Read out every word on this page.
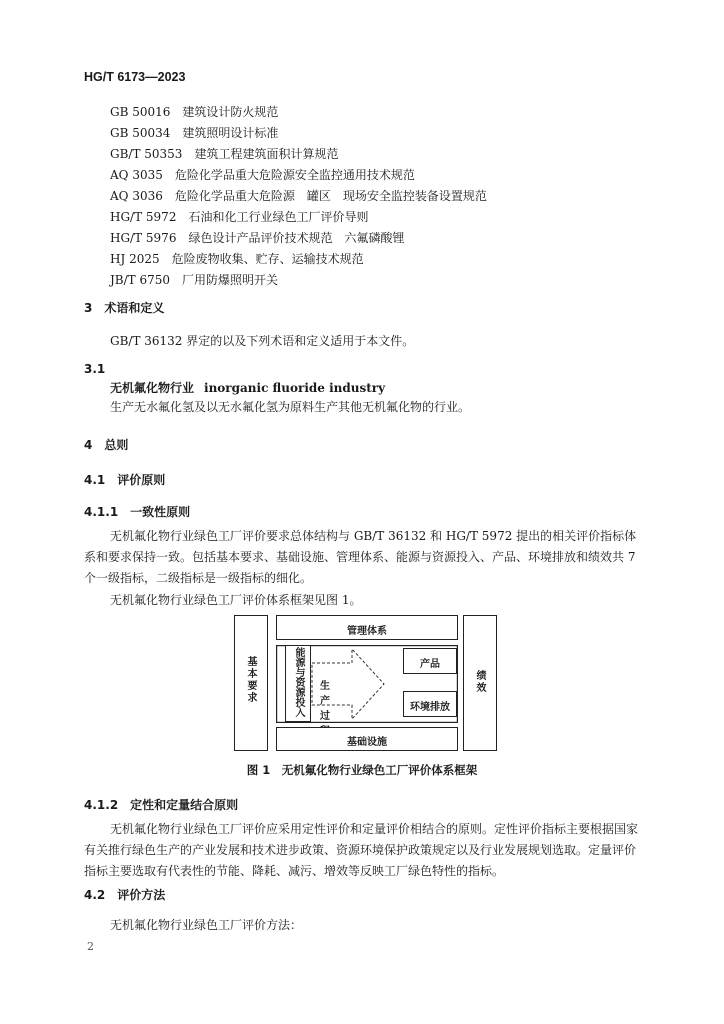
HG/T 6173—2023
GB 50016　建筑设计防火规范
GB 50034　建筑照明设计标准
GB/T 50353　建筑工程建筑面积计算规范
AQ 3035　危险化学品重大危险源安全监控通用技术规范
AQ 3036　危险化学品重大危险源　罐区　现场安全监控装备设置规范
HG/T 5972　石油和化工行业绿色工厂评价导则
HG/T 5976　绿色设计产品评价技术规范　六氟磷酸锂
HJ 2025　危险废物收集、贮存、运输技术规范
JB/T 6750　厂用防爆照明开关
3　术语和定义
GB/T 36132 界定的以及下列术语和定义适用于本文件。
3.1
无机氟化物行业 inorganic fluoride industry
生产无水氟化氢及以无水氟化氢为原料生产其他无机氟化物的行业。
4　总则
4.1　评价原则
4.1.1　一致性原则
无机氟化物行业绿色工厂评价要求总体结构与 GB/T 36132 和 HG/T 5972 提出的相关评价指标体系和要求保持一致。包括基本要求、基础设施、管理体系、能源与资源投入、产品、环境排放和绩效共 7 个一级指标，二级指标是一级指标的细化。
无机氟化物行业绿色工厂评价体系框架见图 1。
基本要求
管理体系
能源与资源投入 生产过
产品
环境排放
基础设施
绩效
图 1　无机氟化物行业绿色工厂评价体系框架
4.1.2　定性和定量结合原则
无机氟化物行业绿色工厂评价应采用定性评价和定量评价相结合的原则。定性评价指标主要根据国家有关推行绿色生产的产业发展和技术进步政策、资源环境保护政策规定以及行业发展规划选取。定量评价指标主要选取有代表性的节能、降耗、减污、增效等反映工厂绿色特性的指标。
4.2　评价方法
无机氟化物行业绿色工厂评价方法：
2
